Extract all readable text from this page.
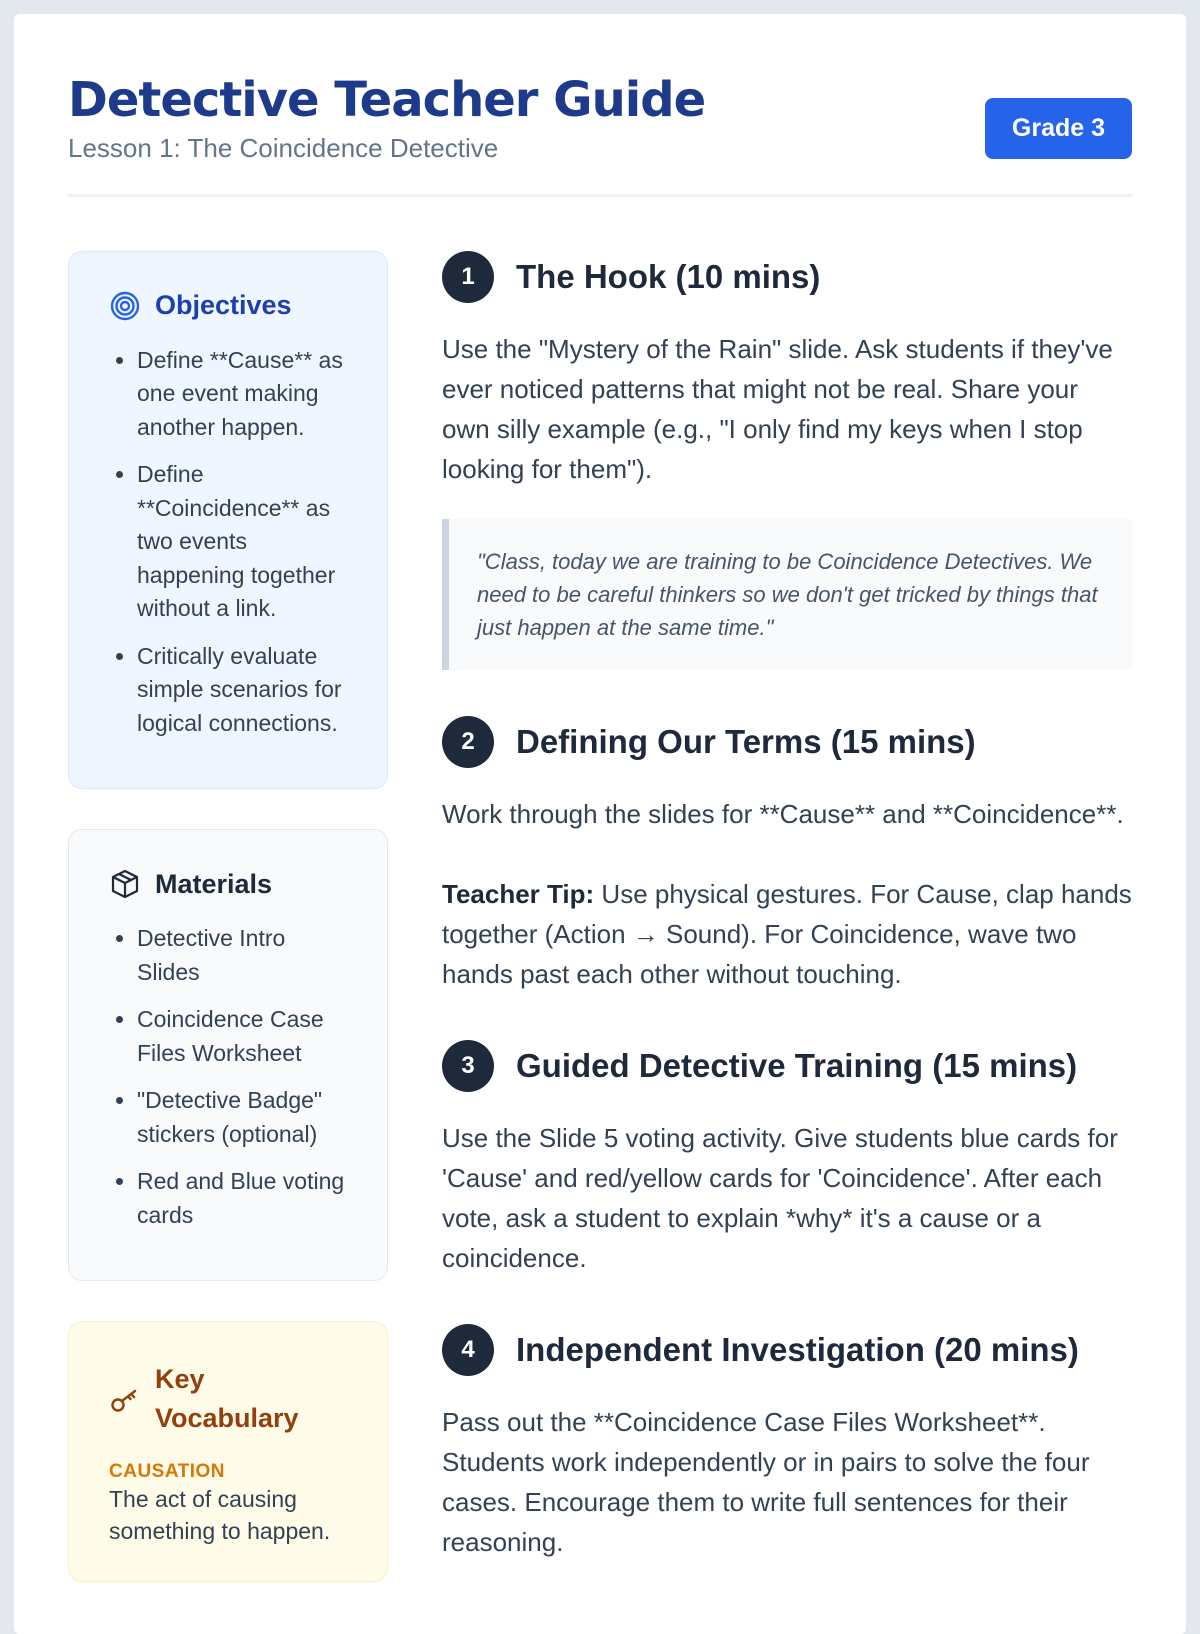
Detective Teacher Guide
Lesson 1: The Coincidence Detective
Grade 3
Objectives
• Define **Cause** as one event making another happen.
• Define **Coincidence** as two events happening together without a link.
• Critically evaluate simple scenarios for logical connections.
Materials
• Detective Intro Slides
• Coincidence Case Files Worksheet
• "Detective Badge" stickers (optional)
• Red and Blue voting cards
Key Vocabulary
CAUSATION
The act of causing something to happen.
1	The Hook (10 mins)

Use the "Mystery of the Rain" slide. Ask students if they've ever noticed patterns that might not be real. Share your own silly example (e.g., "I only find my keys when I stop looking for them").

"Class, today we are training to be Coincidence Detectives. We need to be careful thinkers so we don't get tricked by things that just happen at the same time."
2	Defining Our Terms (15 mins)

Work through the slides for **Cause** and **Coincidence**.

Teacher Tip: Use physical gestures. For Cause, clap hands together (Action → Sound). For Coincidence, wave two hands past each other without touching.

3	Guided Detective Training (15 mins)

Use the Slide 5 voting activity. Give students blue cards for 'Cause' and red/yellow cards for 'Coincidence'. After each vote, ask a student to explain *why* it's a cause or a coincidence.

4	Independent Investigation (20 mins)

Pass out the **Coincidence Case Files Worksheet**. Students work independently or in pairs to solve the four cases. Encourage them to write full sentences for their reasoning.
